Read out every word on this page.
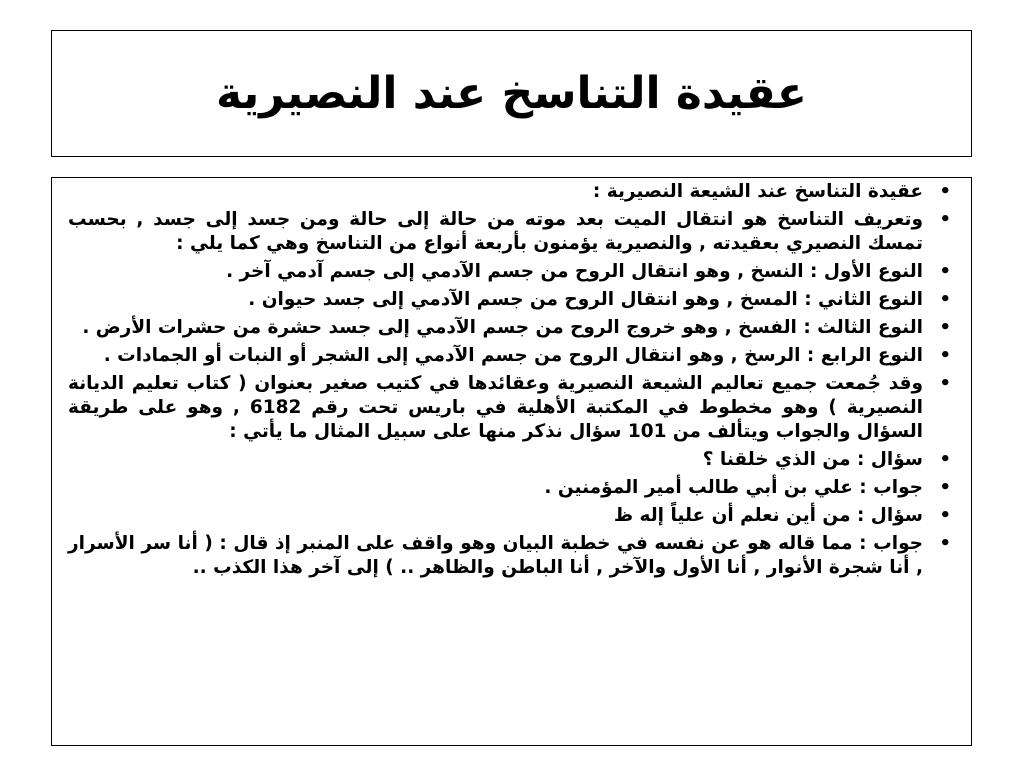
عقيدة التناسخ عند النصيرية
•
عقيدة التناسخ عند الشيعة النصيرية :
•
وتعريف التناسخ هو انتقال الميت بعد موته من حالة إلى حالة ومن جسد إلى جسد , بحسب تمسك النصيري بعقيدته , والنصيرية يؤمنون بأربعة أنواع من التناسخ وهي كما يلي :
•
النوع الأول : النسخ , وهو انتقال الروح من جسم الآدمي إلى جسم آدمي آخر .
•
النوع الثاني : المسخ , وهو انتقال الروح من جسم الآدمي إلى جسد حيوان .
•
النوع الثالث : الفسخ , وهو خروج الروح من جسم الآدمي إلى جسد حشرة من حشرات الأرض .
•
النوع الرابع : الرسخ , وهو انتقال الروح من جسم الآدمي إلى الشجر أو النبات أو الجمادات .
•
وقد جُمعت جميع تعاليم الشيعة النصيرية وعقائدها في كتيب صغير بعنوان ( كتاب تعليم الديانة النصيرية ) وهو مخطوط في المكتبة الأهلية في باريس تحت رقم 6182 , وهو على طريقة السؤال والجواب ويتألف من 101 سؤال نذكر منها على سبيل المثال ما يأتي :
•
سؤال : من الذي خلقنا ؟
•
جواب : علي بن أبي طالب أمير المؤمنين .
•
سؤال : من أين نعلم أن علياً إله ظ
•
جواب : مما قاله هو عن نفسه في خطبة البيان وهو واقف على المنبر إذ قال : ( أنا سر الأسرار , أنا شجرة الأنوار , أنا الأول والآخر , أنا الباطن والظاهر .. ) إلى آخر هذا الكذب ..
